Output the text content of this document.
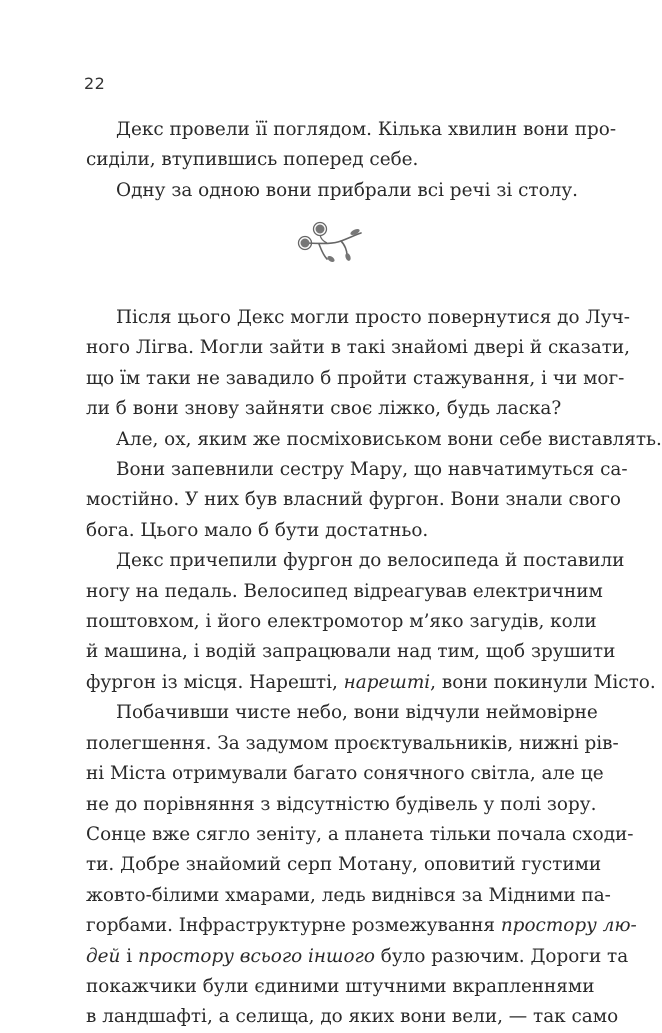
22
Декс провели її поглядом. Кілька хвилин вони про-
сиділи, втупившись поперед себе.
Одну за одною вони прибрали всі речі зі столу.
Після цього Декс могли просто повернутися до Луч-
ного Лігва. Могли зайти в такі знайомі двері й сказати,
що їм таки не завадило б пройти стажування, і чи мог-
ли б вони знову зайняти своє ліжко, будь ласка?
Але, ох, яким же посміховиськом вони себе виставлять.
Вони запевнили сестру Мару, що навчатимуться са-
мостійно. У них був власний фургон. Вони знали свого
бога. Цього мало б бути достатньо.
Декс причепили фургон до велосипеда й поставили
ногу на педаль. Велосипед відреагував електричним
поштовхом, і його електромотор м’яко загудів, коли
й машина, і водій запрацювали над тим, щоб зрушити
фургон із місця. Нарешті, нарешті, вони покинули Місто.
Побачивши чисте небо, вони відчули неймовірне
полегшення. За задумом проєктувальників, нижні рів-
ні Міста отримували багато сонячного світла, але це
не до порівняння з відсутністю будівель у полі зору.
Сонце вже сягло зеніту, а планета тільки почала сходи-
ти. Добре знайомий серп Мотану, оповитий густими
жовто-білими хмарами, ледь виднівся за Мідними па-
горбами. Інфраструктурне розмежування простору лю-
дей і простору всього іншого було разючим. Дороги та
покажчики були єдиними штучними вкрапленнями
в ландшафті, а селища, до яких вони вели, — так само
